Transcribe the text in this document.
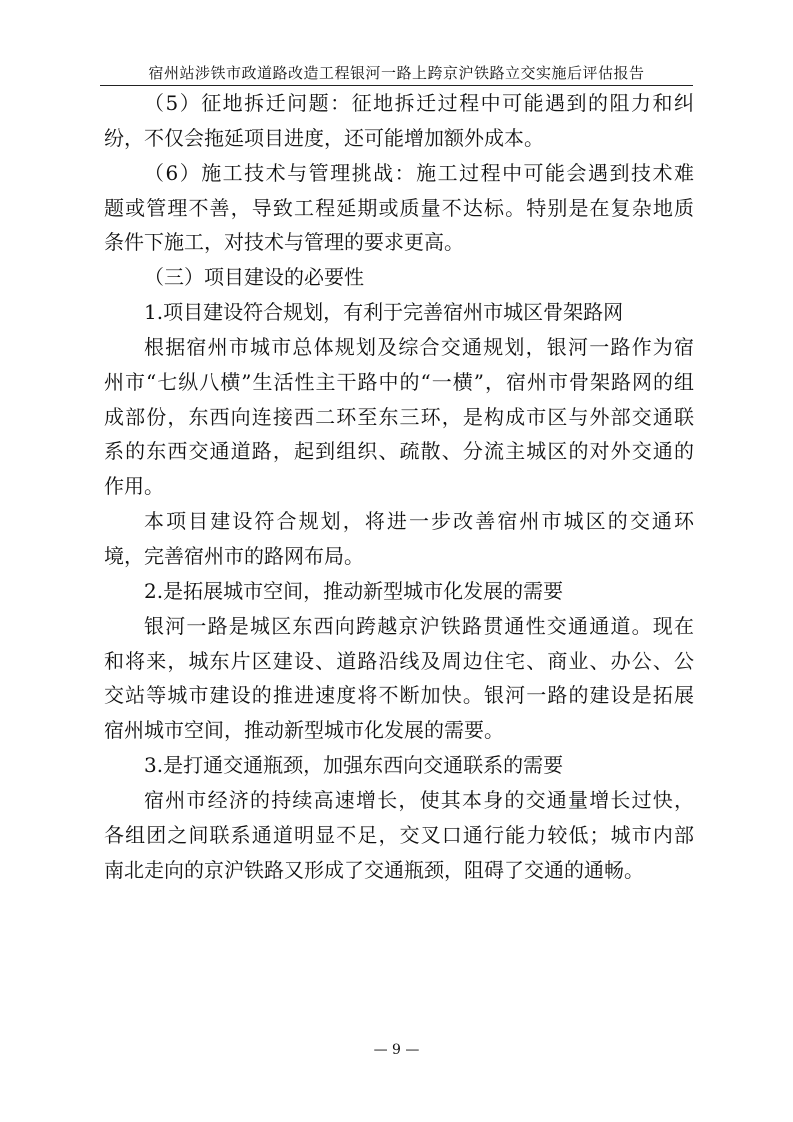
宿州站涉铁市政道路改造工程银河一路上跨京沪铁路立交实施后评估报告
（5）征地拆迁问题：征地拆迁过程中可能遇到的阻力和纠
纷，不仅会拖延项目进度，还可能增加额外成本。
（6）施工技术与管理挑战：施工过程中可能会遇到技术难
题或管理不善，导致工程延期或质量不达标。特别是在复杂地质
条件下施工，对技术与管理的要求更高。
（三）项目建设的必要性
1.项目建设符合规划，有利于完善宿州市城区骨架路网
根据宿州市城市总体规划及综合交通规划，银河一路作为宿
州市“七纵八横”生活性主干路中的“一横”，宿州市骨架路网的组
成部份，东西向连接西二环至东三环，是构成市区与外部交通联
系的东西交通道路，起到组织、疏散、分流主城区的对外交通的
作用。
本项目建设符合规划，将进一步改善宿州市城区的交通环
境，完善宿州市的路网布局。
2.是拓展城市空间，推动新型城市化发展的需要
银河一路是城区东西向跨越京沪铁路贯通性交通通道。现在
和将来，城东片区建设、道路沿线及周边住宅、商业、办公、公
交站等城市建设的推进速度将不断加快。银河一路的建设是拓展
宿州城市空间，推动新型城市化发展的需要。
3.是打通交通瓶颈，加强东西向交通联系的需要
宿州市经济的持续高速增长，使其本身的交通量增长过快，
各组团之间联系通道明显不足，交叉口通行能力较低；城市内部
南北走向的京沪铁路又形成了交通瓶颈，阻碍了交通的通畅。
— 9 —
